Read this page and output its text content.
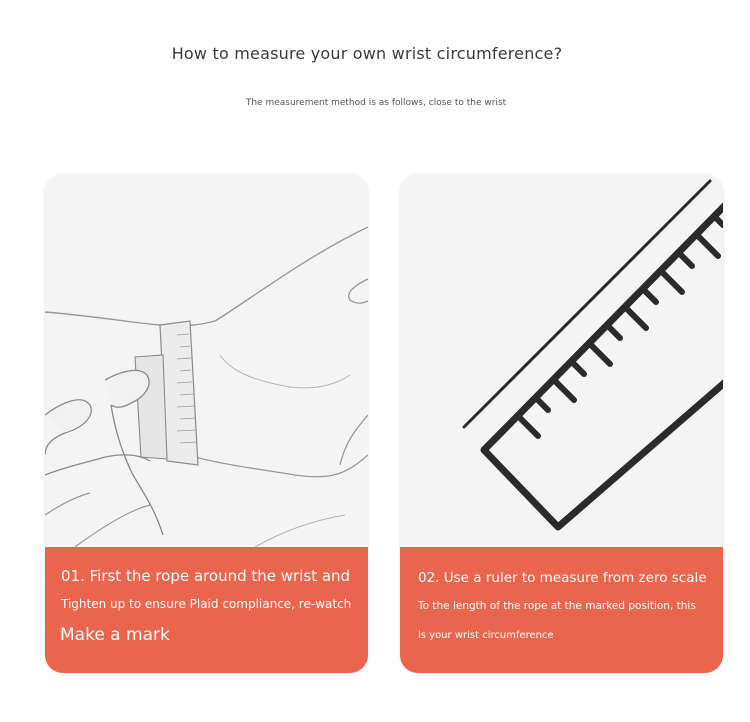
How to measure your own wrist circumference?
The measurement method is as follows, close to the wrist
01. First the rope around the wrist and
Tighten up to ensure Plaid compliance, re-watch
Make a mark
02. Use a ruler to measure from zero scale
To the length of the rope at the marked position, this
is your wrist circumference
